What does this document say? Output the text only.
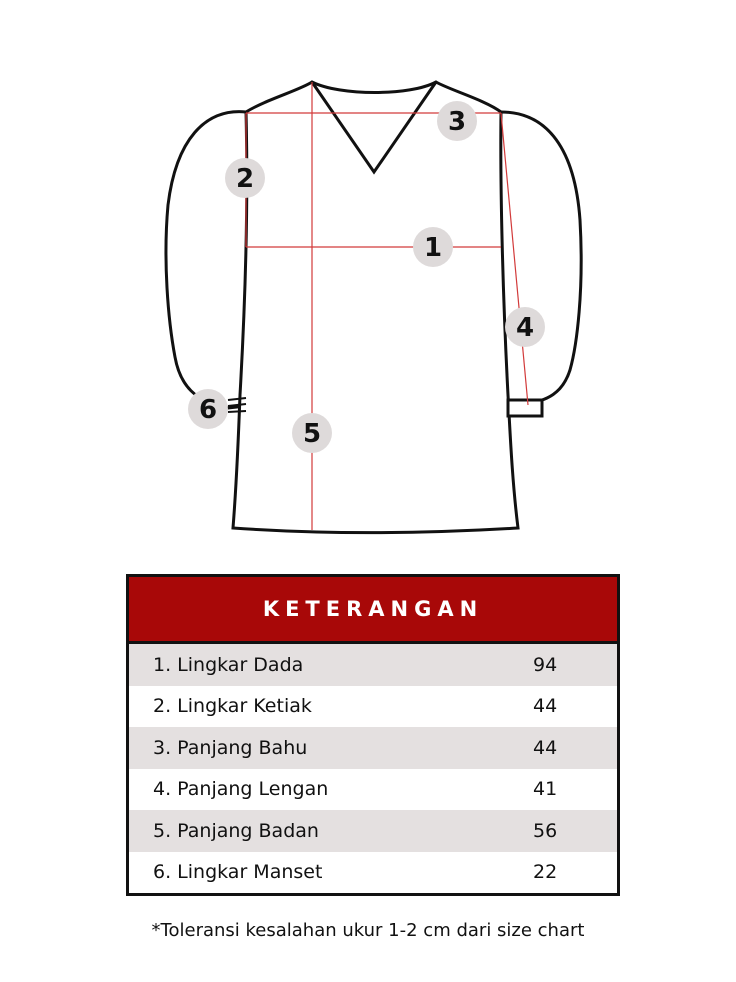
1
2
3
4
5
6
KETERANGAN
1. Lingkar Dada	94
2. Lingkar Ketiak	44
3. Panjang Bahu	44
4. Panjang Lengan	41
5. Panjang Badan	56
6. Lingkar Manset	22
*Toleransi kesalahan ukur 1-2 cm dari size chart
